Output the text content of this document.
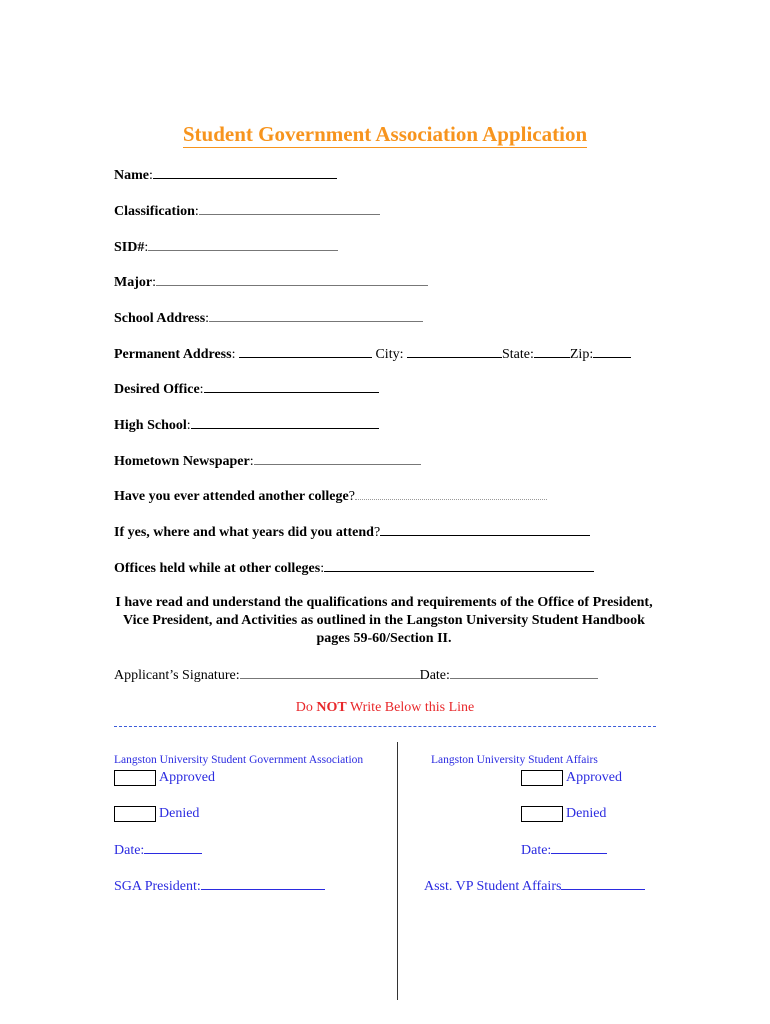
Student Government Association Application
Name:
Classification:
SID#:
Major:
School Address:
Permanent Address:	City:	State:	Zip:
Desired Office:
High School:
Hometown Newspaper:
Have you ever attended another college?
If yes, where and what years did you attend?
Offices held while at other colleges:
I have read and understand the qualifications and requirements of the Office of President, Vice President, and Activities as outlined in the Langston University Student Handbook pages 59-60/Section II.
Applicant’s Signature:	Date:
Do NOT Write Below this Line
Langston University Student Government Association
Approved
Denied
Date:
SGA President:
Langston University Student Affairs
Approved
Denied
Date:
Asst. VP Student Affairs
